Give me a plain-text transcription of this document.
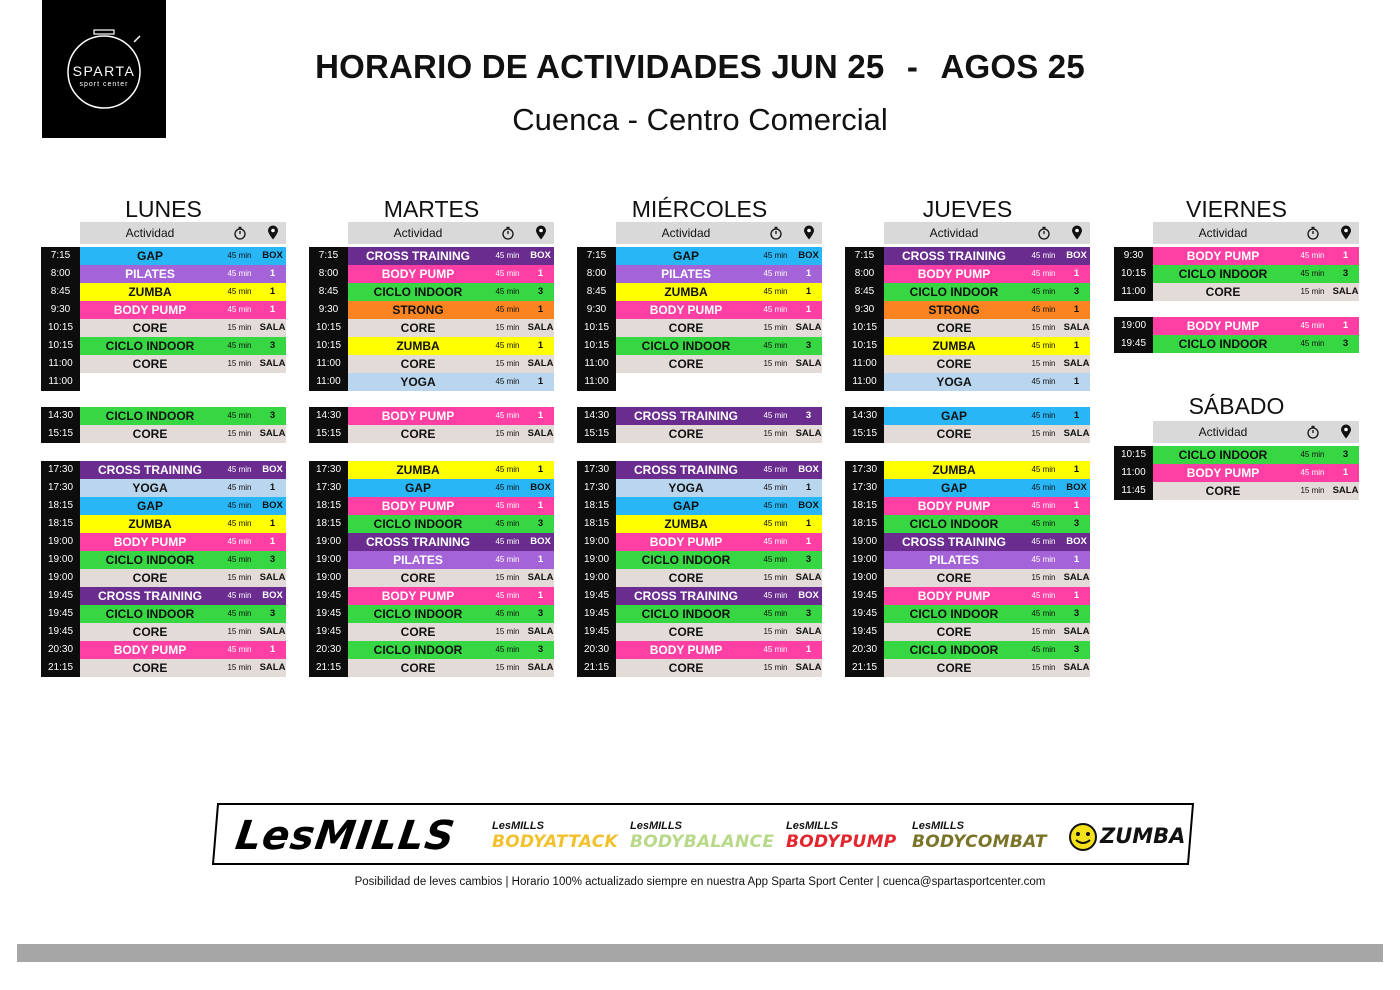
SPARTA
sport center	HORARIO DE ACTIVIDADES JUN 25 - AGOS 25
Cuenca - Centro Comercial
LUNES	MARTES	MIÉRCOLES	JUEVES	VIERNES
SÁBADO
Actividad
7:15	GAP	45 min	BOX
8:00	PILATES	45 min	1
8:45	ZUMBA	45 min	1
9:30	BODY PUMP	45 min	1
10:15	CORE	15 min SALA
10:15	CICLO INDOOR	45 min	3
11:00	CORE	15 min SALA
11:00
14:30	CICLO INDOOR	45 min	3
15:15	CORE	15 min SALA
17:30	CROSS TRAINING	45 min	BOX
17:30	YOGA	45 min	1
18:15	GAP	45 min	BOX
18:15	ZUMBA	45 min	1
19:00	BODY PUMP	45 min	1
19:00	CICLO INDOOR	45 min	3
19:00	CORE	15 min SALA
19:45	CROSS TRAINING	45 min	BOX
19:45	CICLO INDOOR	45 min	3
19:45	CORE	15 min SALA
20:30	BODY PUMP	45 min	1
21:15	CORE	15 min SALA
Actividad
7:15	CROSS TRAINING	45 min	BOX
8:00	BODY PUMP	45 min	1
8:45	CICLO INDOOR	45 min	3
9:30	STRONG	45 min	1
10:15	CORE	15 min SALA
10:15	ZUMBA	45 min	1
11:00	CORE	15 min SALA
11:00	YOGA	45 min	1
14:30	BODY PUMP	45 min	1
15:15	CORE	15 min SALA
17:30	ZUMBA	45 min	1
17:30	GAP	45 min	BOX
18:15	BODY PUMP	45 min	1
18:15	CICLO INDOOR	45 min	3
19:00	CROSS TRAINING	45 min	BOX
19:00	PILATES	45 min	1
19:00	CORE	15 min SALA
19:45	BODY PUMP	45 min	1
19:45	CICLO INDOOR	45 min	3
19:45	CORE	15 min SALA
20:30	CICLO INDOOR	45 min	3
21:15	CORE	15 min SALA
Actividad
7:15	GAP	45 min	BOX
8:00	PILATES	45 min	1
8:45	ZUMBA	45 min	1
9:30	BODY PUMP	45 min	1
10:15	CORE	15 min SALA
10:15	CICLO INDOOR	45 min	3
11:00	CORE	15 min SALA
11:00
14:30	CROSS TRAINING	45 min	3
15:15	CORE	15 min SALA
17:30	CROSS TRAINING	45 min	BOX
17:30	YOGA	45 min	1
18:15	GAP	45 min	BOX
18:15	ZUMBA	45 min	1
19:00	BODY PUMP	45 min	1
19:00	CICLO INDOOR	45 min	3
19:00	CORE	15 min SALA
19:45	CROSS TRAINING	45 min	BOX
19:45	CICLO INDOOR	45 min	3
19:45	CORE	15 min SALA
20:30	BODY PUMP	45 min	1
21:15	CORE	15 min SALA
Actividad
7:15	CROSS TRAINING	45 min	BOX
8:00	BODY PUMP	45 min	1
8:45	CICLO INDOOR	45 min	3
9:30	STRONG	45 min	1
10:15	CORE	15 min SALA
10:15	ZUMBA	45 min	1
11:00	CORE	15 min SALA
11:00	YOGA	45 min	1
14:30	GAP	45 min	1
15:15	CORE	15 min SALA
17:30	ZUMBA	45 min	1
17:30	GAP	45 min	BOX
18:15	BODY PUMP	45 min	1
18:15	CICLO INDOOR	45 min	3
19:00	CROSS TRAINING	45 min	BOX
19:00	PILATES	45 min	1
19:00	CORE	15 min SALA
19:45	BODY PUMP	45 min	1
19:45	CICLO INDOOR	45 min	3
19:45	CORE	15 min SALA
20:30	CICLO INDOOR	45 min	3
21:15	CORE	15 min SALA
Actividad
9:30	BODY PUMP	45 min	1
10:15	CICLO INDOOR	45 min	3
11:00	CORE	15 min SALA
19:00	BODY PUMP	45 min	1
19:45	CICLO INDOOR	45 min	3
Actividad
10:15	CICLO INDOOR	45 min	3
11:00	BODY PUMP	45 min	1
11:45	CORE	15 min SALA
LesMILLS	LesMILLS
BODYATTACK
LesMILLS
BODYBALANCE
LesMILLS
BODYPUMP
LesMILLS
BODYCOMBAT	ZUMBA
Posibilidad de leves cambios | Horario 100% actualizado siempre en nuestra App Sparta Sport Center | cuenca@spartasportcenter.com
